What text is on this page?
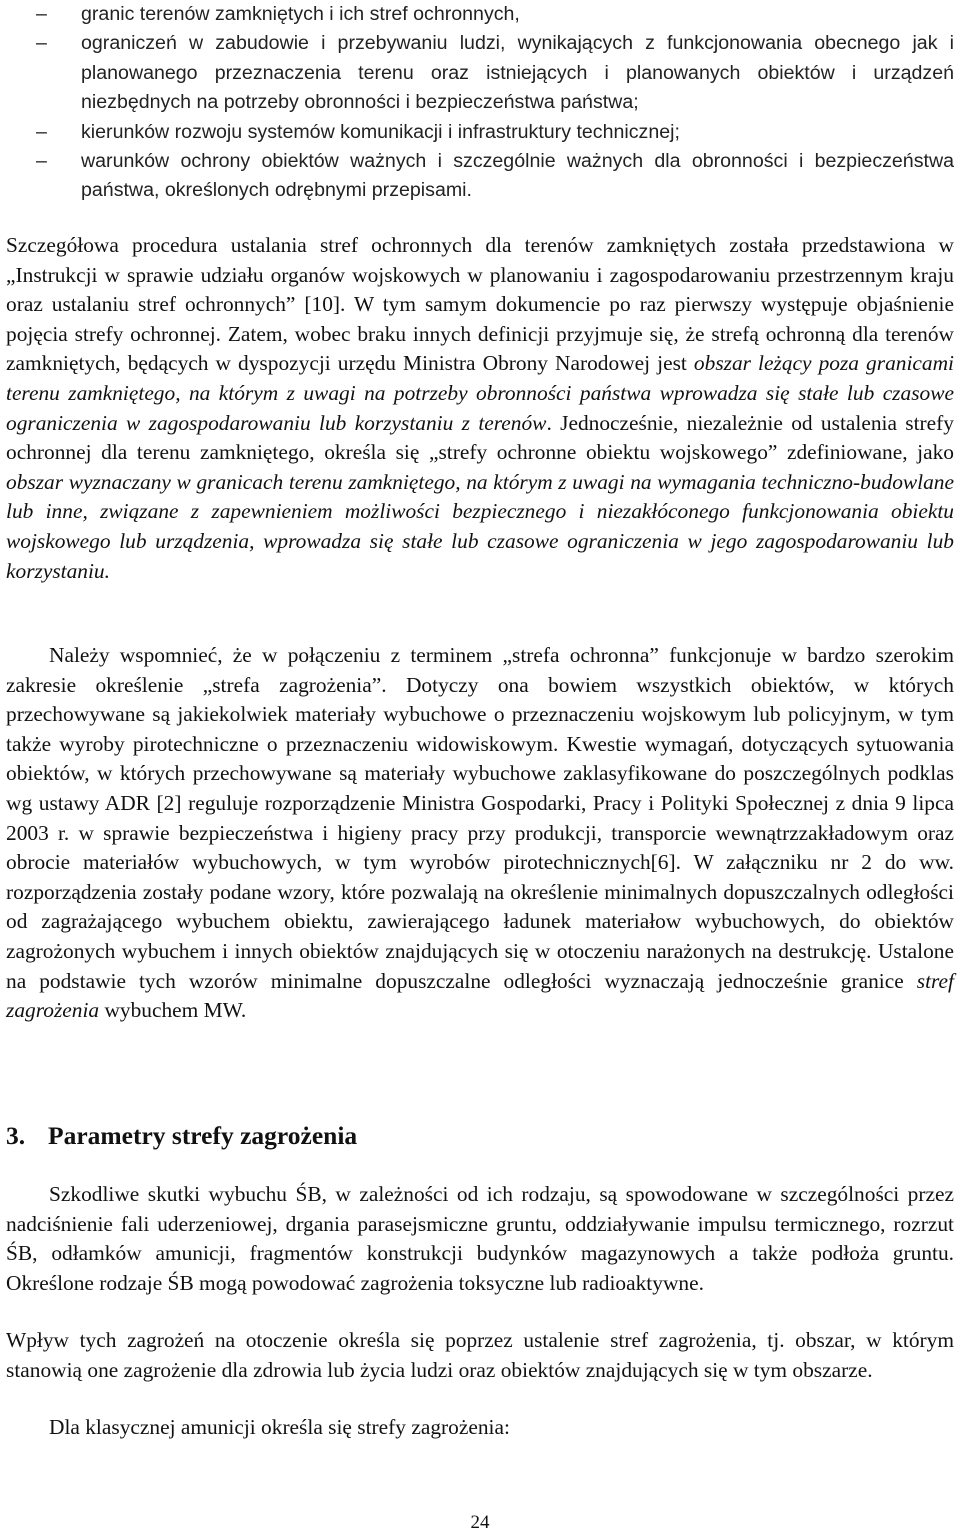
–	granic terenów zamkniętych i ich stref ochronnych,
–	ograniczeń w zabudowie i przebywaniu ludzi, wynikających z funkcjonowania obecnego jak i planowanego przeznaczenia terenu oraz istniejących i planowanych obiektów i urządzeń niezbędnych na potrzeby obronności i bezpieczeństwa państwa;
–	kierunków rozwoju systemów komunikacji i infrastruktury technicznej;
–	warunków ochrony obiektów ważnych i szczególnie ważnych dla obronności i bezpieczeństwa państwa, określonych odrębnymi przepisami.

Szczegółowa procedura ustalania stref ochronnych dla terenów zamkniętych została przedstawiona w „Instrukcji w sprawie udziału organów wojskowych w planowaniu i zagospodarowaniu przestrzennym kraju oraz ustalaniu stref ochronnych” [10]. W tym samym dokumencie po raz pierwszy występuje objaśnienie pojęcia strefy ochronnej. Zatem, wobec braku innych definicji przyjmuje się, że strefą ochronną dla terenów zamkniętych, będących w dyspozycji urzędu Ministra Obrony Narodowej jest obszar leżący poza granicami terenu zamkniętego, na którym z uwagi na potrzeby obronności państwa wprowadza się stałe lub czasowe ograniczenia w zagospodarowaniu lub korzystaniu z terenów. Jednocześnie, niezależnie od ustalenia strefy ochronnej dla terenu zamkniętego, określa się „strefy ochronne obiektu wojskowego” zdefiniowane, jako obszar wyznaczany w granicach terenu zamkniętego, na którym z uwagi na wymagania techniczno-budowlane lub inne, związane z zapewnieniem możliwości bezpiecznego i niezakłóconego funkcjonowania obiektu wojskowego lub urządzenia, wprowadza się stałe lub czasowe ograniczenia w jego zagospodarowaniu lub korzystaniu.

Należy wspomnieć, że w połączeniu z terminem „strefa ochronna” funkcjonuje w bardzo szerokim zakresie określenie „strefa zagrożenia”. Dotyczy ona bowiem wszystkich obiektów, w których przechowywane są jakiekolwiek materiały wybuchowe o przeznaczeniu wojskowym lub policyjnym, w tym także wyroby pirotechniczne o przeznaczeniu widowiskowym. Kwestie wymagań, dotyczących sytuowania obiektów, w których przechowywane są materiały wybuchowe zaklasyfikowane do poszczególnych podklas wg ustawy ADR [2] reguluje rozporządzenie Ministra Gospodarki, Pracy i Polityki Społecznej z dnia 9 lipca 2003 r. w sprawie bezpieczeństwa i higieny pracy przy produkcji, transporcie wewnątrzzakładowym oraz obrocie materiałów wybuchowych, w tym wyrobów pirotechnicznych[6]. W załączniku nr 2 do ww. rozporządzenia zostały podane wzory, które pozwalają na określenie minimalnych dopuszczalnych odległości od zagrażającego wybuchem obiektu, zawierającego ładunek materiałow wybuchowych, do obiektów zagrożonych wybuchem i innych obiektów znajdujących się w otoczeniu narażonych na destrukcję. Ustalone na podstawie tych wzorów minimalne dopuszczalne odległości wyznaczają jednocześnie granice stref zagrożenia wybuchem MW.

3. Parametry strefy zagrożenia

Szkodliwe skutki wybuchu ŚB, w zależności od ich rodzaju, są spowodowane w szczególności przez nadciśnienie fali uderzeniowej, drgania parasejsmiczne gruntu, oddziaływanie impulsu termicznego, rozrzut ŚB, odłamków amunicji, fragmentów konstrukcji budynków magazynowych a także podłoża gruntu. Określone rodzaje ŚB mogą powodować zagrożenia toksyczne lub radioaktywne.

Wpływ tych zagrożeń na otoczenie określa się poprzez ustalenie stref zagrożenia, tj. obszar, w którym stanowią one zagrożenie dla zdrowia lub życia ludzi oraz obiektów znajdujących się w tym obszarze.

Dla klasycznej amunicji określa się strefy zagrożenia:

24
